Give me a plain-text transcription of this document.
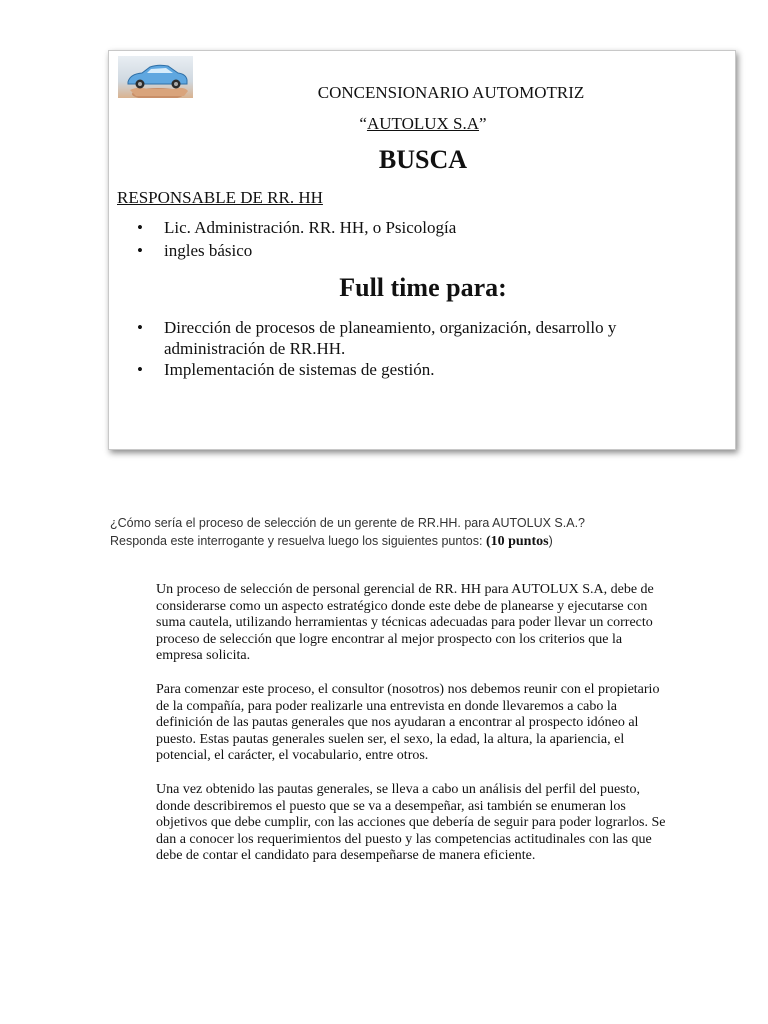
CONCENSIONARIO AUTOMOTRIZ
“AUTOLUX S.A”
BUSCA
RESPONSABLE DE RR. HH
• Lic. Administración. RR. HH, o Psicología
• ingles básico
Full time para:
• Dirección de procesos de planeamiento, organización, desarrollo y administración de RR.HH.
• Implementación de sistemas de gestión.
¿Cómo sería el proceso de selección de un gerente de RR.HH. para AUTOLUX S.A.?
Responda este interrogante y resuelva luego los siguientes puntos: (10 puntos)

Un proceso de selección de personal gerencial de RR. HH para AUTOLUX S.A, debe de considerarse como un aspecto estratégico donde este debe de planearse y ejecutarse con suma cautela, utilizando herramientas y técnicas adecuadas para poder llevar un correcto proceso de selección que logre encontrar al mejor prospecto con los criterios que la empresa solicita.

Para comenzar este proceso, el consultor (nosotros) nos debemos reunir con el propietario de la compañía, para poder realizarle una entrevista en donde llevaremos a cabo la definición de las pautas generales que nos ayudaran a encontrar al prospecto idóneo al puesto. Estas pautas generales suelen ser, el sexo, la edad, la altura, la apariencia, el potencial, el carácter, el vocabulario, entre otros.

Una vez obtenido las pautas generales, se lleva a cabo un análisis del perfil del puesto, donde describiremos el puesto que se va a desempeñar, asi también se enumeran los objetivos que debe cumplir, con las acciones que debería de seguir para poder lograrlos. Se dan a conocer los requerimientos del puesto y las competencias actitudinales con las que debe de contar el candidato para desempeñarse de manera eficiente.
